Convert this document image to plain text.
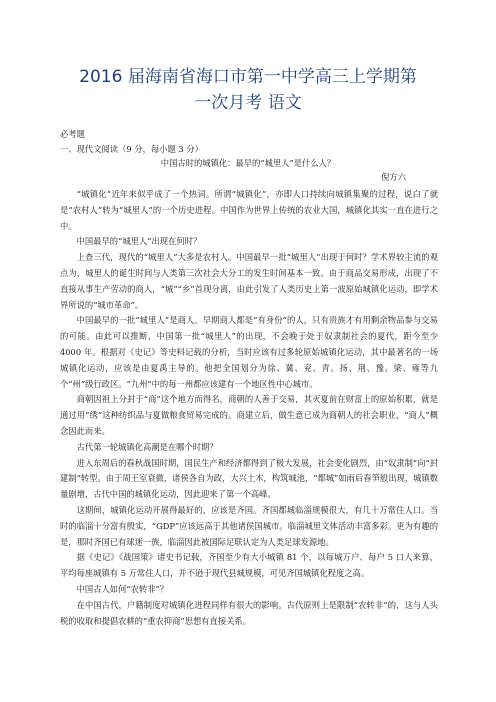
2016 届海南省海口市第一中学高三上学期第
一次月考 语文
必考题
一、现代文阅读（9 分，每小题 3 分）
中国古时的城镇化：最早的“城里人”是什么人？
倪方六

“城镇化”近年来似乎成了一个热词。所谓“城镇化”，亦即人口持续向城镇集聚的过程，说白了就是“农村人”转为“城里人”的一个历史进程。中国作为世界上传统的农业大国，城镇化其实一直在进行之中。

中国最早的“城里人”出现在何时？

上查三代，现代的“城里人”大多是农村人。中国最早一批“城里人”出现于何时？学术界较主流的观点为，城里人的诞生时间与人类第三次社会大分工的发生时间基本一致。由于商品交易形成，出现了不直接从事生产劳动的商人，“城”“乡”首现分离，由此引发了人类历史上第一波原始城镇化运动，即学术界所说的“城市革命”。

中国最早的一批“城里人”是商人。早期商人都是“有身份”的人，只有贵族才有用剩余物品参与交易的可能。由此可以推断，中国第一批“城里人”的出现，不会晚于处于奴隶制社会的夏代，距今至少 4000 年。根据对《史记》等史料记载的分析，当时应该有过多轮原始城镇化运动，其中最著名的一场城镇化运动，应该是由夏禹主导的。他把全国划分为徐、冀、兖、青、扬、荆、豫、梁、雍等九个“州”级行政区。“九州”中的每一州都应该建有一个地区性中心城市。

商朝因祖上分封于“商”这个地方而得名，商朝的人善于交易，其灭夏前在财富上的原始积累，就是通过用“绣”这种纺织品与夏做粮食贸易完成的。商建立后，做生意已成为商朝人的社会职业，“商人”概念因此而来。

古代第一轮城镇化高潮是在哪个时期？

进入东周后的春秋战国时期，国民生产和经济都得到了极大发展，社会变化剧烈，由“奴隶制”向“封建制”转型。由于周王室衰微，诸侯各自为政，大兴土木，构筑城池，“都城”如雨后春笋般出现，城镇数量剧增，古代中国的城镇化运动，因此迎来了第一个高峰。

这期间，城镇化运动开展得最好的，应该是齐国。齐国都城临淄规模很大，有几十万常住人口。当时的临淄十分富有殷实，“GDP”应该远高于其他诸侯国城市。临淄城里文体活动丰富多彩。更为有趣的是，那时齐国已有球迷一族，临淄因此被国际足联认定为人类足球发源地。

据《史记》《战国策》诸史书记载，齐国至少有大小城镇 81 个，以每城万户、每户 5 口人来算，平均每座城镇有 5 万常住人口，并不逊于现代县城规模，可见齐国城镇化程度之高。

中国古人如何“农转非”？

在中国古代，户籍制度对城镇化进程同样有很大的影响。古代原则上是限制“农转非”的，这与人头税的收取和提倡农耕的“重农抑商”思想有直接关系。
